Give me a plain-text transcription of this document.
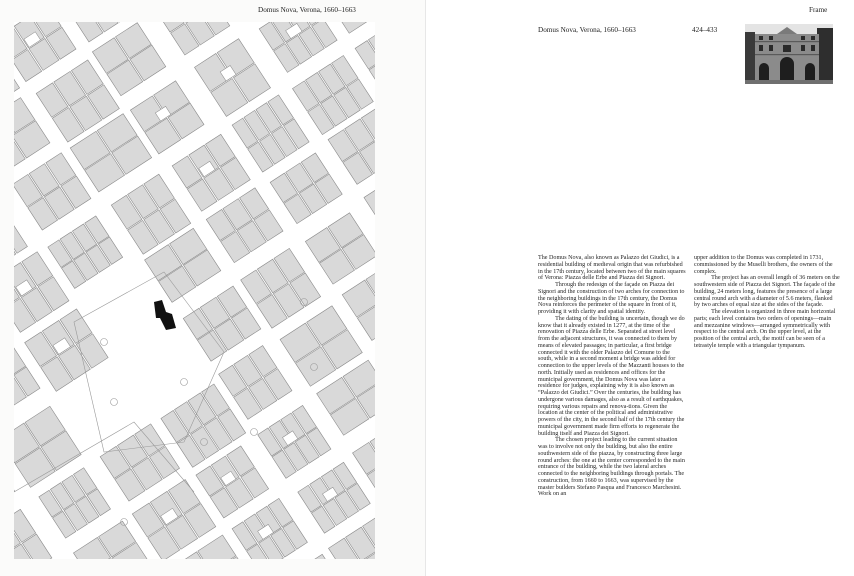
Domus Nova, Verona, 1660–1663
Domus Nova, Verona, 1660–1663	424–433
Frame

The Domus Nova, also known as Palazzo dei Giudici, is a residential building of medieval origin that was refurbished in the 17th century, located between two of the main squares of Verona: Piazza delle Erbe and Piazza dei Signori.

Through the redesign of the façade on Piazza dei Signori and the construction of two arches for connection to the neighboring buildings in the 17th century, the Domus Nova reinforces the perimeter of the square in front of it, providing it with clarity and spatial identity.

The dating of the building is uncertain, though we do know that it already existed in 1277, at the time of the renovation of Piazza delle Erbe. Separated at street level from the adjacent structures, it was connected to them by means of elevated passages; in particular, a first bridge connected it with the older Palazzo del Comune to the south, while in a second moment a bridge was added for connection to the upper levels of the Mazzanti houses to the north. Initially used as residences and offices for the municipal government, the Domus Nova was later a residence for judges, explaining why it is also known as “Palazzo dei Giudici.” Over the centuries, the building has undergone various damages, also as a result of earthquakes, requiring various repairs and renova-tions. Given the location at the center of the political and administrative powers of the city, in the second half of the 17th century the municipal government made firm efforts to regenerate the building itself and Piazza dei Signori.

The chosen project leading to the current situation was to involve not only the building, but also the entire southwestern side of the piazza, by constructing three large round arches: the one at the center corresponded to the main entrance of the building, while the two lateral arches connected to the neighboring buildings through portals. The construction, from 1660 to 1663, was supervised by the master builders Stefano Pasqua and Francesco Marchesini. Work on an

upper addition to the Domus was completed in 1731, commissioned by the Muselli brothers, the owners of the complex.

The project has an overall length of 36 meters on the southwestern side of Piazza dei Signori. The façade of the building, 24 meters long, features the presence of a large central round arch with a diameter of 5.6 meters, flanked by two arches of equal size at the sides of the façade.

The elevation is organized in three main horizontal parts; each level contains two orders of openings—main and mezzanine windows—arranged symmetrically with respect to the central arch. On the upper level, at the position of the central arch, the motif can be seen of a tetrastyle temple with a triangular tympanum.
